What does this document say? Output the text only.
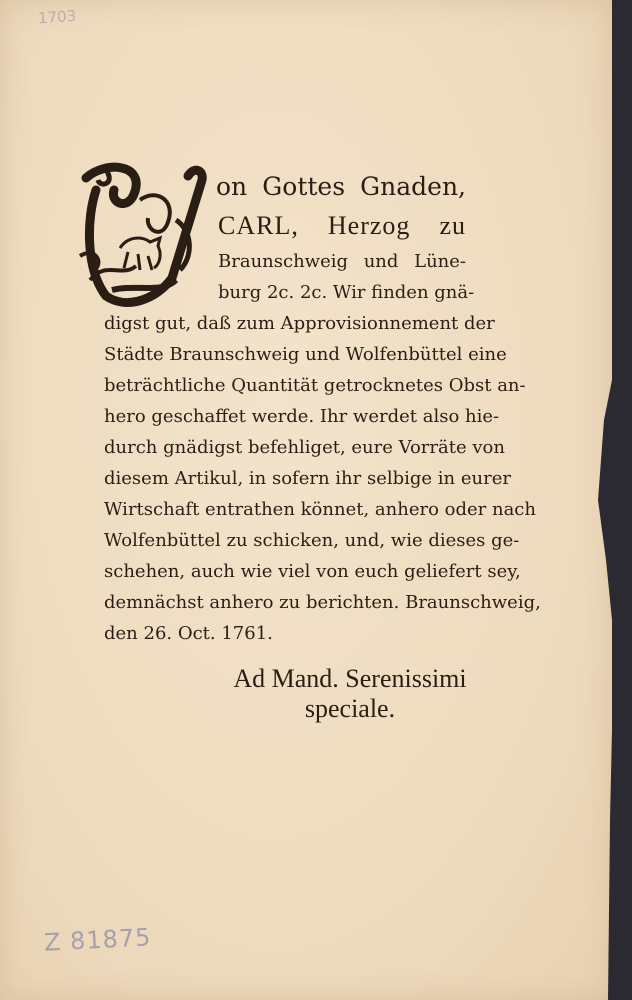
1703
Z 81875
V
on Gottes Gnaden,
CARL, Herzog zu
Braunschweig und Lüne-
burg 2c. 2c. Wir finden gnä-
digst gut, daß zum Approvisionnement der
Städte Braunschweig und Wolfenbüttel eine
beträchtliche Quantität getrocknetes Obst an-
hero geschaffet werde. Ihr werdet also hie-
durch gnädigst befehliget, eure Vorräte von
diesem Artikul, in sofern ihr selbige in eurer
Wirtschaft entrathen könnet, anhero oder nach
Wolfenbüttel zu schicken, und, wie dieses ge-
schehen, auch wie viel von euch geliefert sey,
demnächst anhero zu berichten. Braunschweig,
den 26. Oct. 1761.
Ad Mand. Serenissimi
speciale.
